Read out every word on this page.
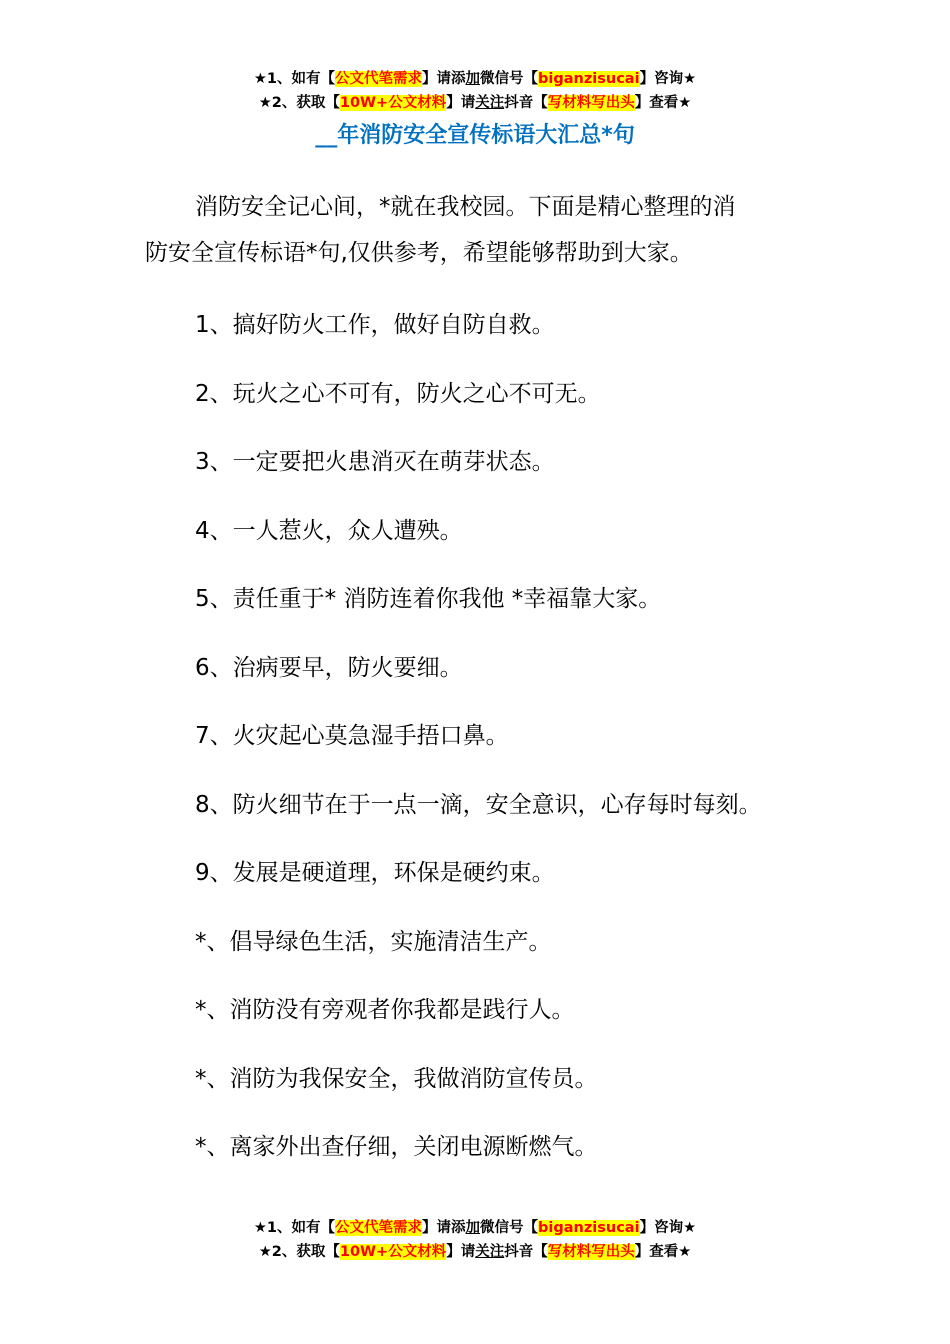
★1、如有【公文代笔需求】请添加微信号【biganzisucai】咨询★
★2、获取【10W+公文材料】请关注抖音【写材料写出头】查看★
__年消防安全宣传标语大汇总*句
消防安全记心间，*就在我校园。下面是精心整理的消
防安全宣传标语*句,仅供参考，希望能够帮助到大家。
1、搞好防火工作，做好自防自救。
2、玩火之心不可有，防火之心不可无。
3、一定要把火患消灭在萌芽状态。
4、一人惹火，众人遭殃。
5、责任重于* 消防连着你我他 *幸福靠大家。
6、治病要早，防火要细。
7、火灾起心莫急湿手捂口鼻。
8、防火细节在于一点一滴，安全意识，心存每时每刻。
9、发展是硬道理，环保是硬约束。
*、倡导绿色生活，实施清洁生产。
*、消防没有旁观者你我都是践行人。
*、消防为我保安全，我做消防宣传员。
*、离家外出查仔细，关闭电源断燃气。
★1、如有【公文代笔需求】请添加微信号【biganzisucai】咨询★
★2、获取【10W+公文材料】请关注抖音【写材料写出头】查看★
